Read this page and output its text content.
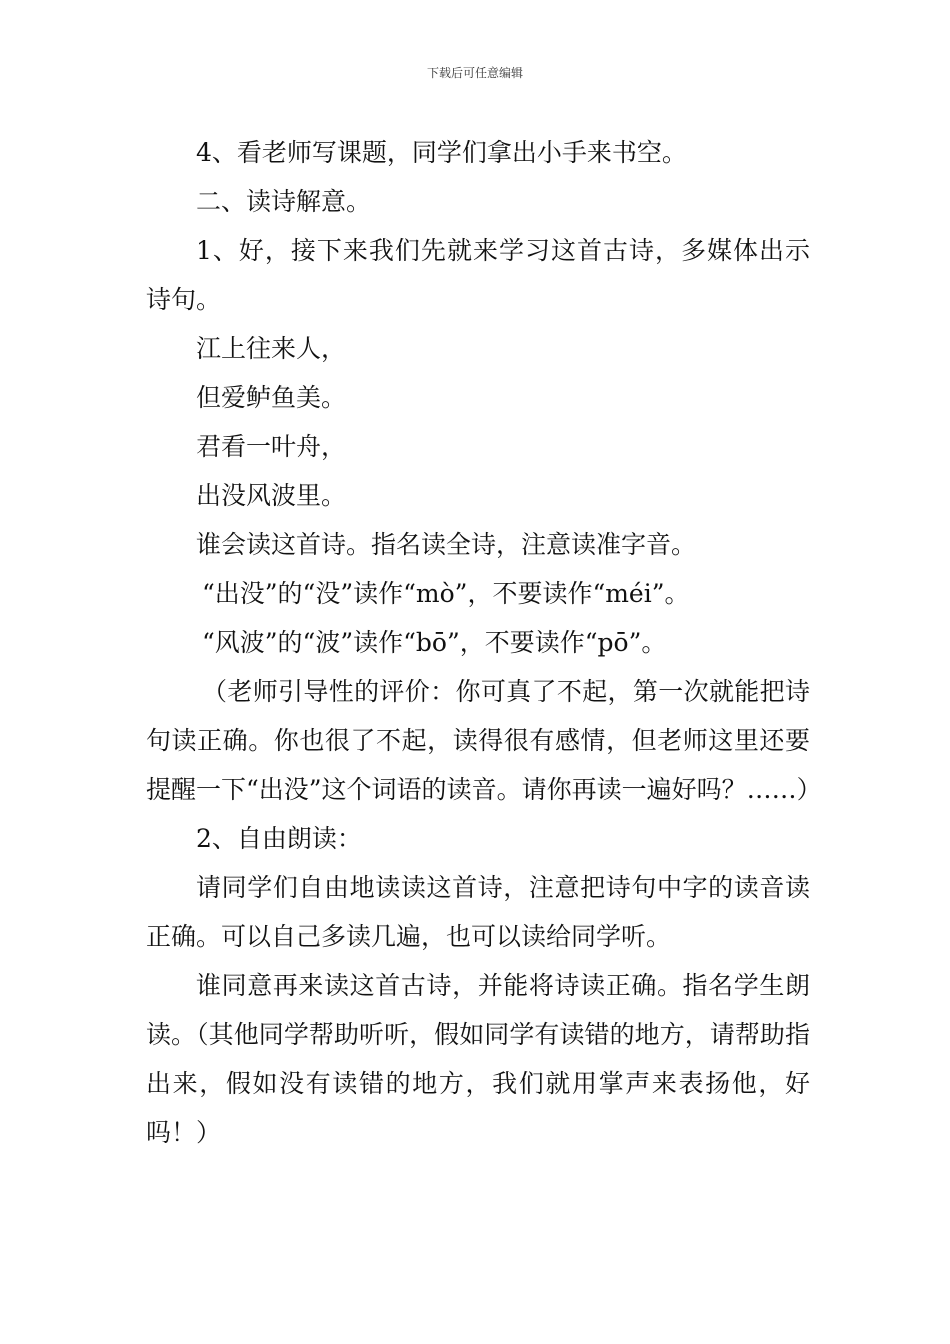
下载后可任意编辑

4、看老师写课题，同学们拿出小手来书空。

二、读诗解意。

1、好，接下来我们先就来学习这首古诗，多媒体出示诗句。

江上往来人，

但爱鲈鱼美。

君看一叶舟，

出没风波里。

谁会读这首诗。指名读全诗，注意读准字音。

“出没”的“没”读作“mò”，不要读作“méi”。

“风波”的“波”读作“bō”，不要读作“pō”。

（老师引导性的评价：你可真了不起，第一次就能把诗句读正确。你也很了不起，读得很有感情，但老师这里还要提醒一下“出没”这个词语的读音。请你再读一遍好吗？……）

2、自由朗读：

请同学们自由地读读这首诗，注意把诗句中字的读音读正确。可以自己多读几遍，也可以读给同学听。

谁同意再来读这首古诗，并能将诗读正确。指名学生朗读。（其他同学帮助听听，假如同学有读错的地方，请帮助指出来，假如没有读错的地方，我们就用掌声来表扬他，好吗！）
